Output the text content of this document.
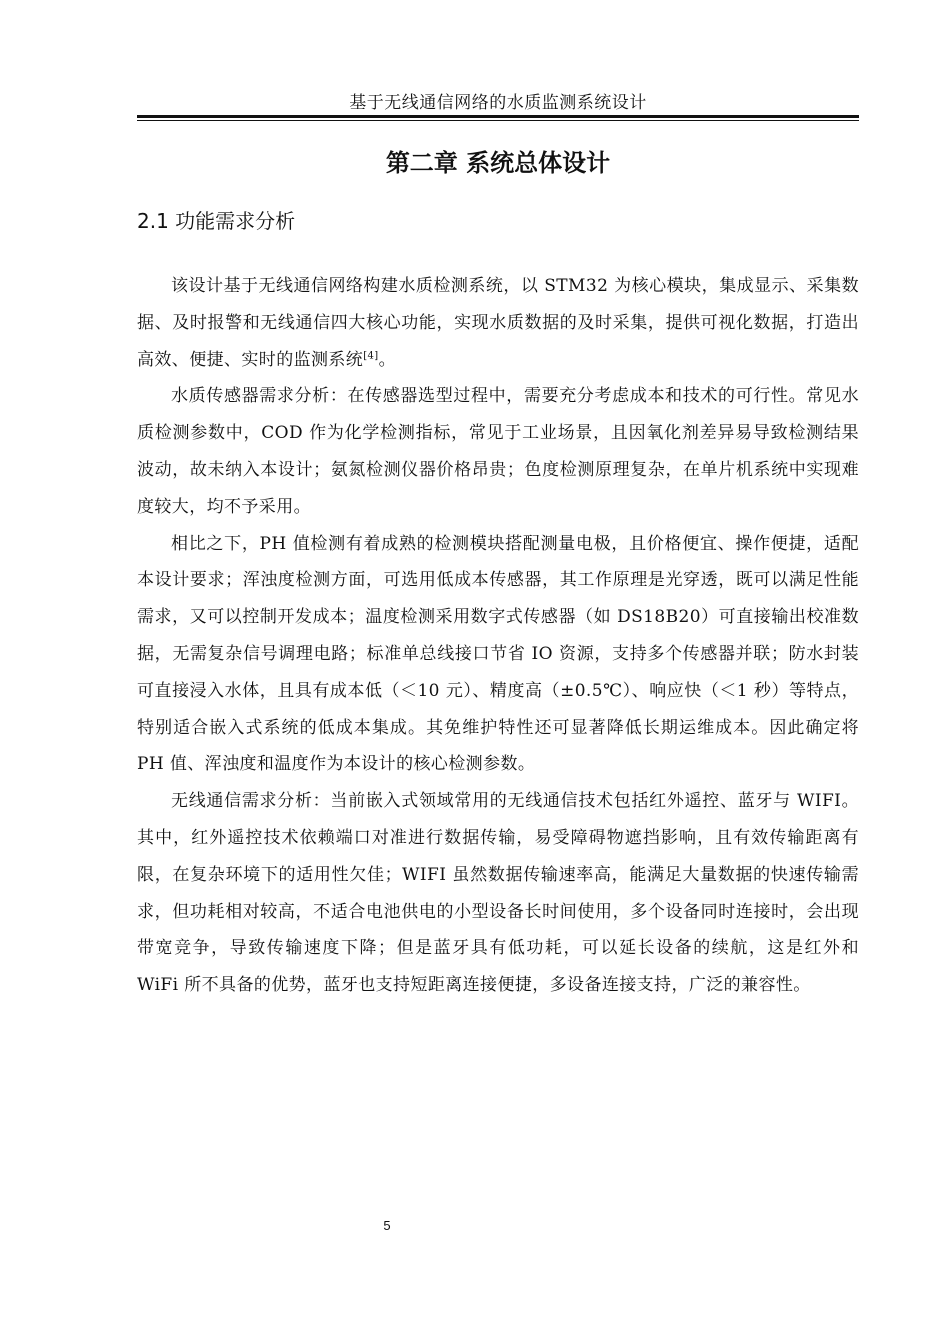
基于无线通信网络的水质监测系统设计
第二章 系统总体设计
2.1 功能需求分析

该设计基于无线通信网络构建水质检测系统，以 STM32 为核心模块，集成显示、采集数据、及时报警和无线通信四大核心功能，实现水质数据的及时采集，提供可视化数据，打造出高效、便捷、实时的监测系统[4]。

水质传感器需求分析：在传感器选型过程中，需要充分考虑成本和技术的可行性。常见水质检测参数中，COD 作为化学检测指标，常见于工业场景，且因氧化剂差异易导致检测结果波动，故未纳入本设计；氨氮检测仪器价格昂贵；色度检测原理复杂，在单片机系统中实现难度较大，均不予采用。

相比之下，PH 值检测有着成熟的检测模块搭配测量电极，且价格便宜、操作便捷，适配本设计要求；浑浊度检测方面，可选用低成本传感器，其工作原理是光穿透，既可以满足性能需求，又可以控制开发成本；温度检测采用数字式传感器（如 DS18B20）可直接输出校准数据，无需复杂信号调理电路；标准单总线接口节省 IO 资源，支持多个传感器并联；防水封装可直接浸入水体，且具有成本低（＜10 元）、精度高（±0.5℃）、响应快（＜1 秒）等特点，特别适合嵌入式系统的低成本集成。其免维护特性还可显著降低长期运维成本。因此确定将 PH 值、浑浊度和温度作为本设计的核心检测参数。

无线通信需求分析：当前嵌入式领域常用的无线通信技术包括红外遥控、蓝牙与 WIFI。其中，红外遥控技术依赖端口对准进行数据传输，易受障碍物遮挡影响，且有效传输距离有限，在复杂环境下的适用性欠佳；WIFI 虽然数据传输速率高，能满足大量数据的快速传输需求，但功耗相对较高，不适合电池供电的小型设备长时间使用，多个设备同时连接时，会出现带宽竞争，导致传输速度下降；但是蓝牙具有低功耗，可以延长设备的续航，这是红外和 WiFi 所不具备的优势，蓝牙也支持短距离连接便捷，多设备连接支持，广泛的兼容性。

5
